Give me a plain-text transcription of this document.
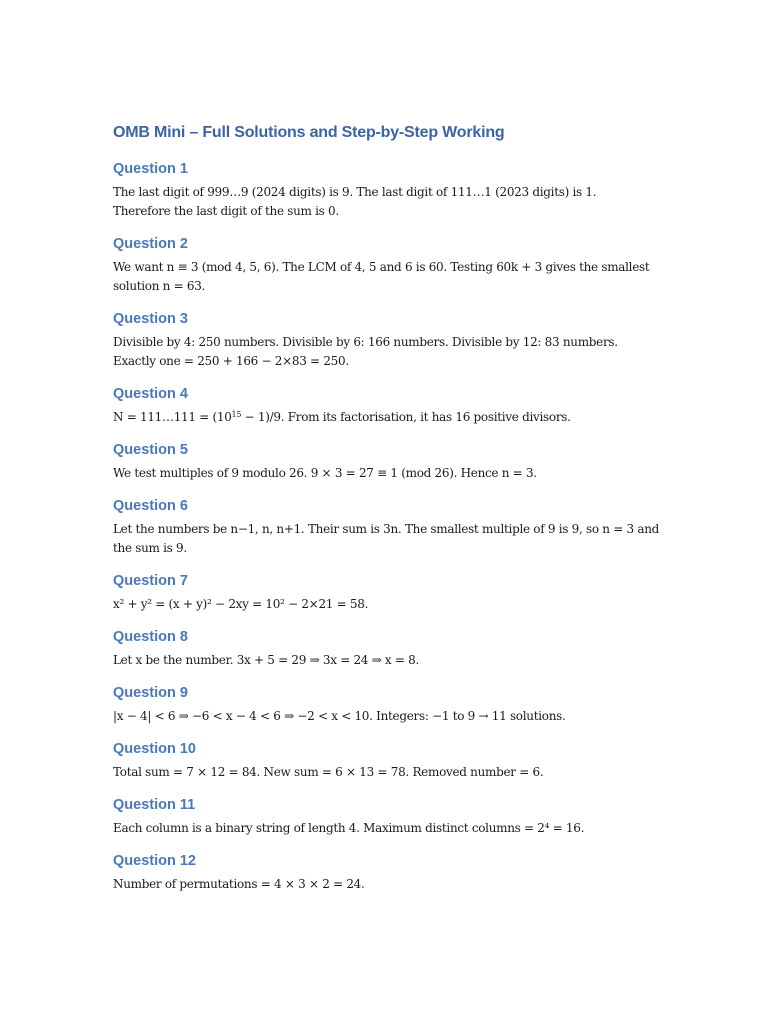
OMB Mini – Full Solutions and Step-by-Step Working
Question 1

The last digit of 999…9 (2024 digits) is 9. The last digit of 111…1 (2023 digits) is 1.

Therefore the last digit of the sum is 0.

Question 2

We want n ≡ 3 (mod 4, 5, 6). The LCM of 4, 5 and 6 is 60. Testing 60k + 3 gives the smallest

solution n = 63.

Question 3

Divisible by 4: 250 numbers. Divisible by 6: 166 numbers. Divisible by 12: 83 numbers.

Exactly one = 250 + 166 − 2×83 = 250.

Question 4

N = 111…111 = $(10^{15} - 1)/9$. From its factorisation, it has 16 positive divisors.

Question 5

We test multiples of 9 modulo 26. 9 × 3 = 27 ≡ 1 (mod 26). Hence n = 3.

Question 6

Let the numbers be n−1, n, n+1. Their sum is 3n. The smallest multiple of 9 is 9, so n = 3 and

the sum is 9.

Question 7

x² + y² = (x + y)² − 2xy = 10² − 2×21 = 58.

Question 8

Let x be the number. 3x + 5 = 29 ⇒ 3x = 24 ⇒ x = 8.

Question 9

|x − 4| < 6 ⇒ −6 < x − 4 < 6 ⇒ −2 < x < 10. Integers: −1 to 9 → 11 solutions.

Question 10

Total sum = 7 × 12 = 84. New sum = 6 × 13 = 78. Removed number = 6.

Question 11

Each column is a binary string of length 4. Maximum distinct columns = 2⁴ = 16.

Question 12

Number of permutations = 4 × 3 × 2 = 24.
